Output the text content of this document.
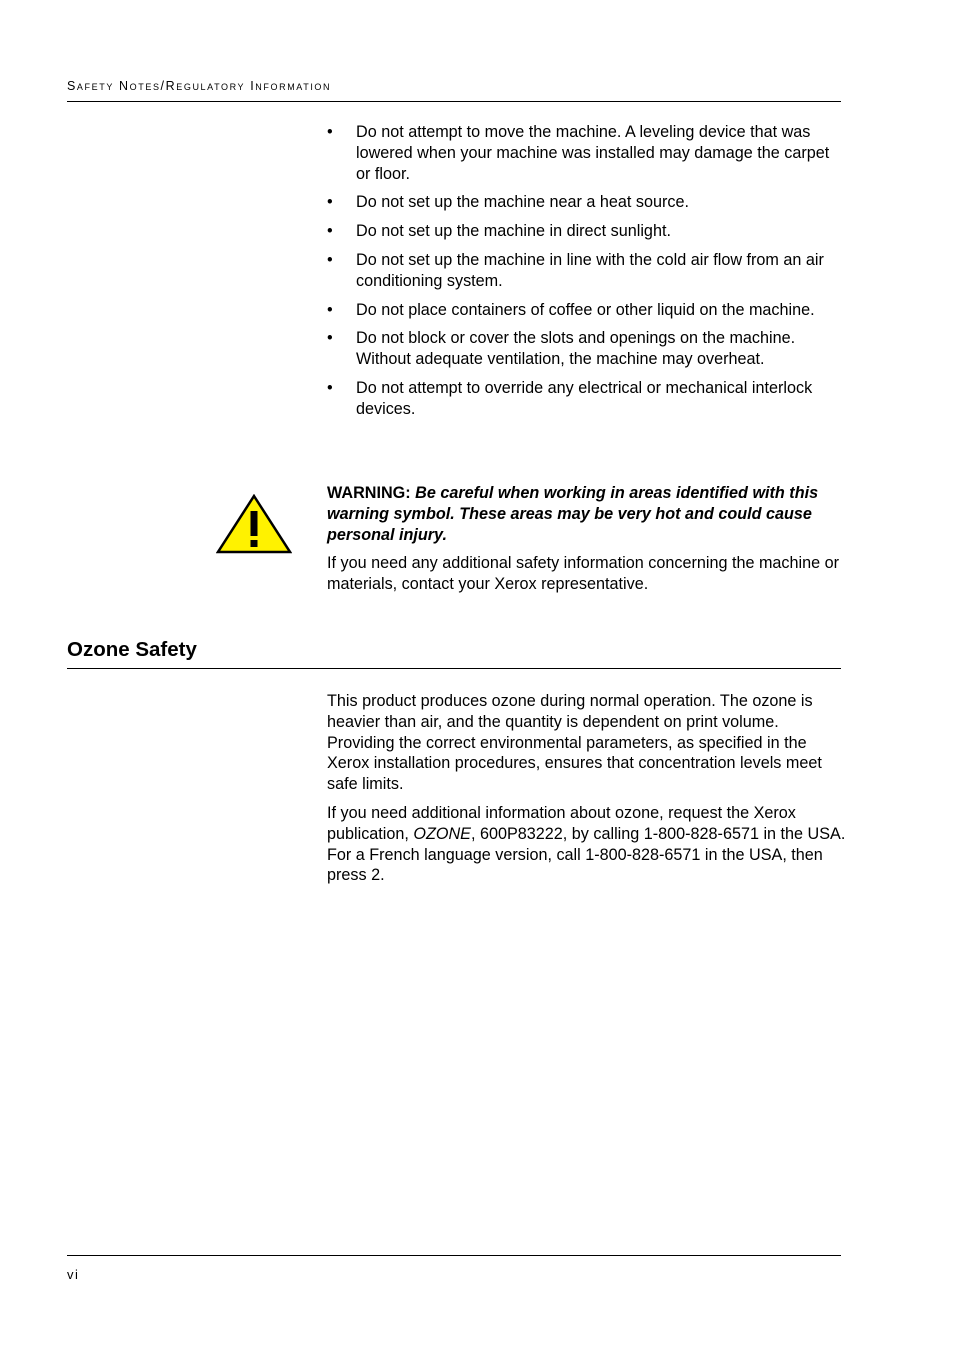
Safety Notes/Regulatory Information
• Do not attempt to move the machine. A leveling device that was lowered when your machine was installed may damage the carpet or floor.
• Do not set up the machine near a heat source.
• Do not set up the machine in direct sunlight.
• Do not set up the machine in line with the cold air flow from an air conditioning system.
• Do not place containers of coffee or other liquid on the machine.
• Do not block or cover the slots and openings on the machine. Without adequate ventilation, the machine may overheat.
• Do not attempt to override any electrical or mechanical interlock devices.

WARNING: Be careful when working in areas identified with this warning symbol. These areas may be very hot and could cause personal injury.

If you need any additional safety information concerning the machine or materials, contact your Xerox representative.

Ozone Safety

This product produces ozone during normal operation. The ozone is heavier than air, and the quantity is dependent on print volume. Providing the correct environmental parameters, as specified in the Xerox installation procedures, ensures that concentration levels meet safe limits.

If you need additional information about ozone, request the Xerox publication, OZONE, 600P83222, by calling 1-800-828-6571 in the USA. For a French language version, call 1-800-828-6571 in the USA, then press 2.

vi
